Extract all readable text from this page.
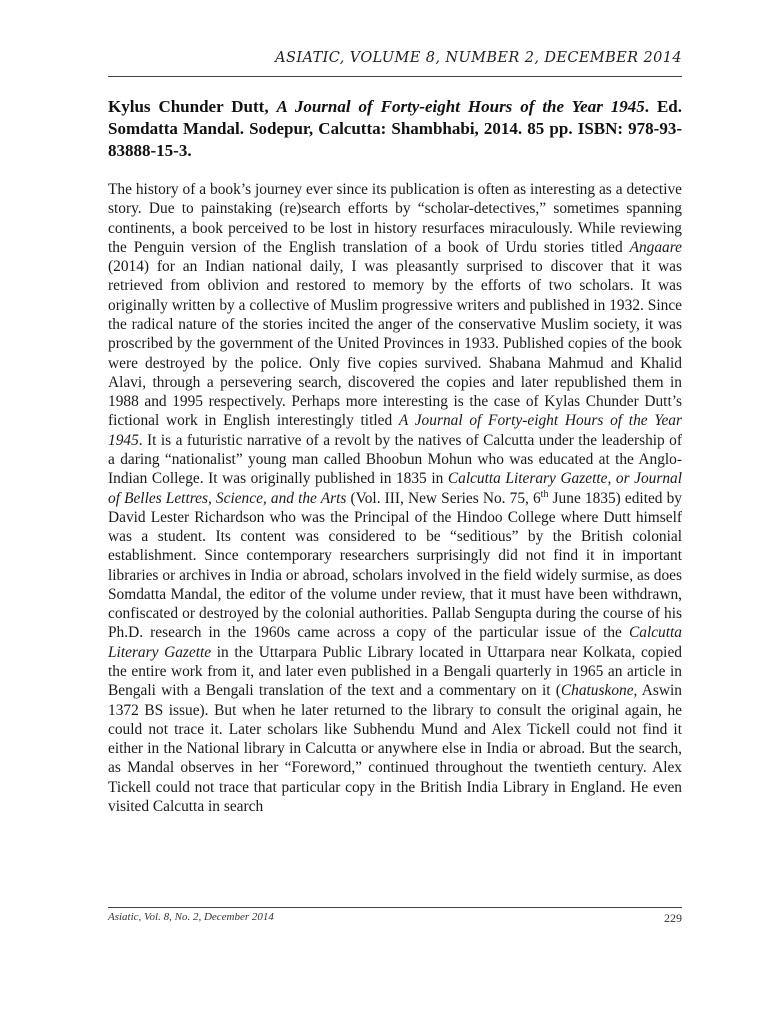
ASIATIC, VOLUME 8, NUMBER 2, DECEMBER 2014
Kylus Chunder Dutt, A Journal of Forty-eight Hours of the Year 1945. Ed. Somdatta Mandal. Sodepur, Calcutta: Shambhabi, 2014. 85 pp. ISBN: 978-93-83888-15-3.

The history of a book’s journey ever since its publication is often as interesting as a detective story. Due to painstaking (re)search efforts by “scholar-detectives,” sometimes spanning continents, a book perceived to be lost in history resurfaces miraculously. While reviewing the Penguin version of the English translation of a book of Urdu stories titled Angaare (2014) for an Indian national daily, I was pleasantly surprised to discover that it was retrieved from oblivion and restored to memory by the efforts of two scholars. It was originally written by a collective of Muslim progressive writers and published in 1932. Since the radical nature of the stories incited the anger of the conservative Muslim society, it was proscribed by the government of the United Provinces in 1933. Published copies of the book were destroyed by the police. Only five copies survived. Shabana Mahmud and Khalid Alavi, through a persevering search, discovered the copies and later republished them in 1988 and 1995 respectively. Perhaps more interesting is the case of Kylas Chunder Dutt’s fictional work in English interestingly titled A Journal of Forty-eight Hours of the Year 1945. It is a futuristic narrative of a revolt by the natives of Calcutta under the leadership of a daring “nationalist” young man called Bhoobun Mohun who was educated at the Anglo-Indian College. It was originally published in 1835 in Calcutta Literary Gazette, or Journal of Belles Lettres, Science, and the Arts (Vol. III, New Series No. 75, 6th June 1835) edited by David Lester Richardson who was the Principal of the Hindoo College where Dutt himself was a student. Its content was considered to be “seditious” by the British colonial establishment. Since contemporary researchers surprisingly did not find it in important libraries or archives in India or abroad, scholars involved in the field widely surmise, as does Somdatta Mandal, the editor of the volume under review, that it must have been withdrawn, confiscated or destroyed by the colonial authorities. Pallab Sengupta during the course of his Ph.D. research in the 1960s came across a copy of the particular issue of the Calcutta Literary Gazette in the Uttarpara Public Library located in Uttarpara near Kolkata, copied the entire work from it, and later even published in a Bengali quarterly in 1965 an article in Bengali with a Bengali translation of the text and a commentary on it (Chatuskone, Aswin 1372 BS issue). But when he later returned to the library to consult the original again, he could not trace it. Later scholars like Subhendu Mund and Alex Tickell could not find it either in the National library in Calcutta or anywhere else in India or abroad. But the search, as Mandal observes in her “Foreword,” continued throughout the twentieth century. Alex Tickell could not trace that particular copy in the British India Library in England. He even visited Calcutta in search

Asiatic, Vol. 8, No. 2, December 2014	229
